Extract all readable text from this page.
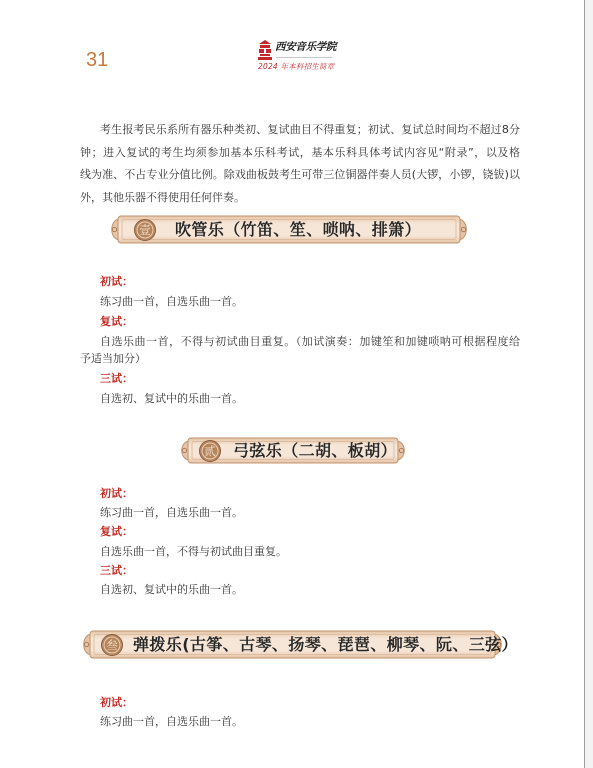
31
西安音乐学院
2024 年本科招生简章
考生报考民乐系所有器乐种类初、复试曲目不得重复；初试、复试总时间均不超过8分
钟；进入复试的考生均须参加基本乐科考试，基本乐科具体考试内容见“附录”，以及格
线为准、不占专业分值比例。除戏曲板鼓考生可带三位铜器伴奏人员(大锣，小锣，铙钹)以
外，其他乐器不得使用任何伴奏。
壹	吹管乐（竹笛、笙、唢呐、排箫）
初试：
练习曲一首，自选乐曲一首。
复试：
自选乐曲一首，不得与初试曲目重复。（加试演奏：加键笙和加键唢呐可根据程度给
予适当加分）
三试：
自选初、复试中的乐曲一首。
贰	弓弦乐（二胡、板胡）
初试：
练习曲一首，自选乐曲一首。
复试：
自选乐曲一首，不得与初试曲目重复。
三试：
自选初、复试中的乐曲一首。
叁 弹拨乐(古筝、古琴、扬琴、琵琶、柳琴、阮、三弦）
初试：
练习曲一首，自选乐曲一首。
